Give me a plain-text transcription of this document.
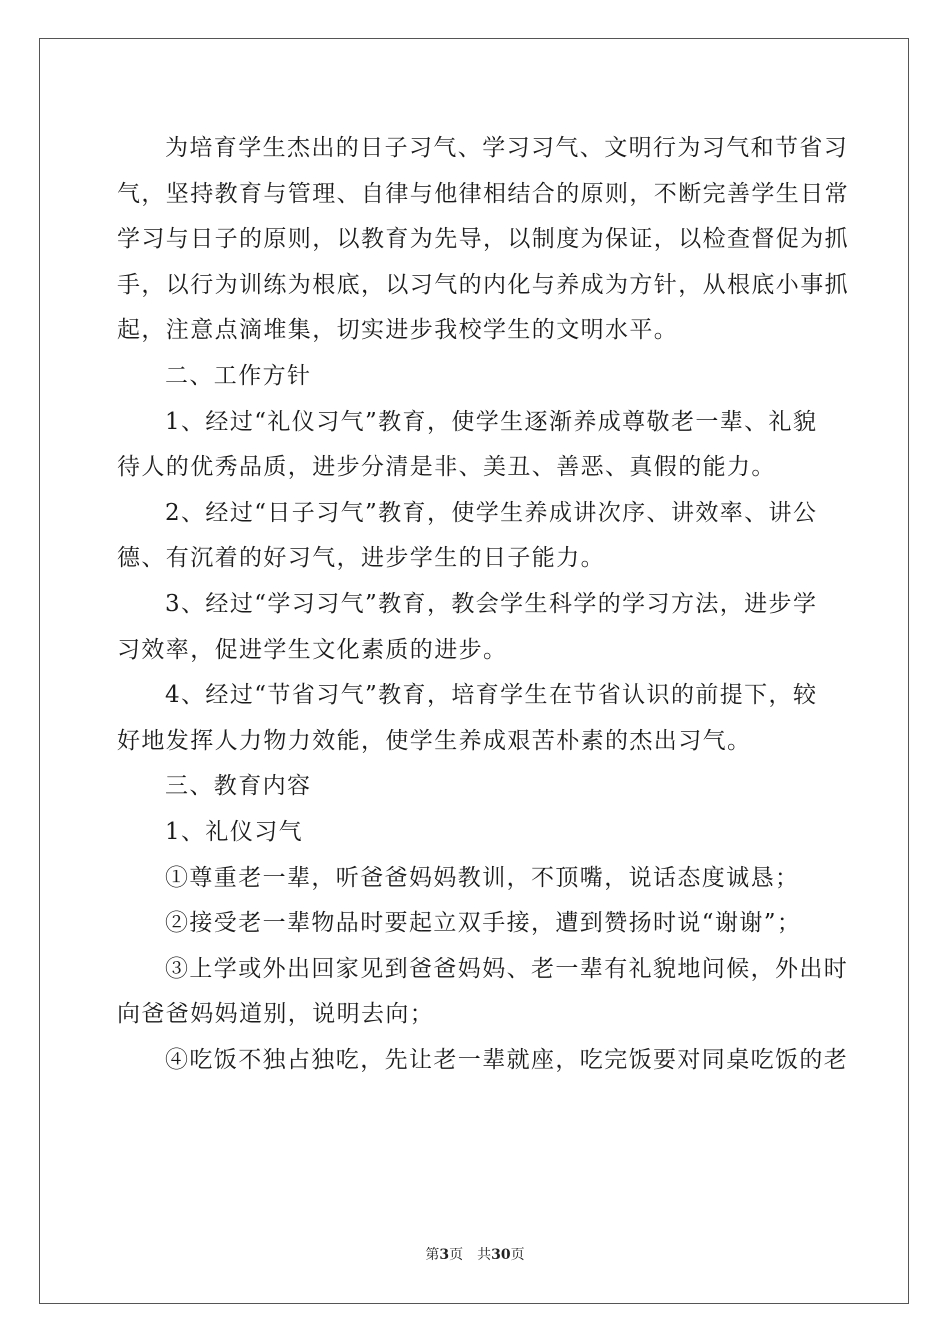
为培育学生杰出的日子习气、学习习气、文明行为习气和节省习

气，坚持教育与管理、自律与他律相结合的原则，不断完善学生日常

学习与日子的原则，以教育为先导，以制度为保证，以检查督促为抓

手，以行为训练为根底，以习气的内化与养成为方针，从根底小事抓

起，注意点滴堆集，切实进步我校学生的文明水平。

二、工作方针

1、经过“礼仪习气”教育，使学生逐渐养成尊敬老一辈、礼貌

待人的优秀品质，进步分清是非、美丑、善恶、真假的能力。

2、经过“日子习气”教育，使学生养成讲次序、讲效率、讲公

德、有沉着的好习气，进步学生的日子能力。

3、经过“学习习气”教育，教会学生科学的学习方法，进步学

习效率，促进学生文化素质的进步。

4、经过“节省习气”教育，培育学生在节省认识的前提下，较

好地发挥人力物力效能，使学生养成艰苦朴素的杰出习气。

三、教育内容

1、礼仪习气

①尊重老一辈，听爸爸妈妈教训，不顶嘴，说话态度诚恳；

②接受老一辈物品时要起立双手接，遭到赞扬时说“谢谢”；

③上学或外出回家见到爸爸妈妈、老一辈有礼貌地问候，外出时

向爸爸妈妈道别，说明去向；

④吃饭不独占独吃，先让老一辈就座，吃完饭要对同桌吃饭的老

第3页 共30页
